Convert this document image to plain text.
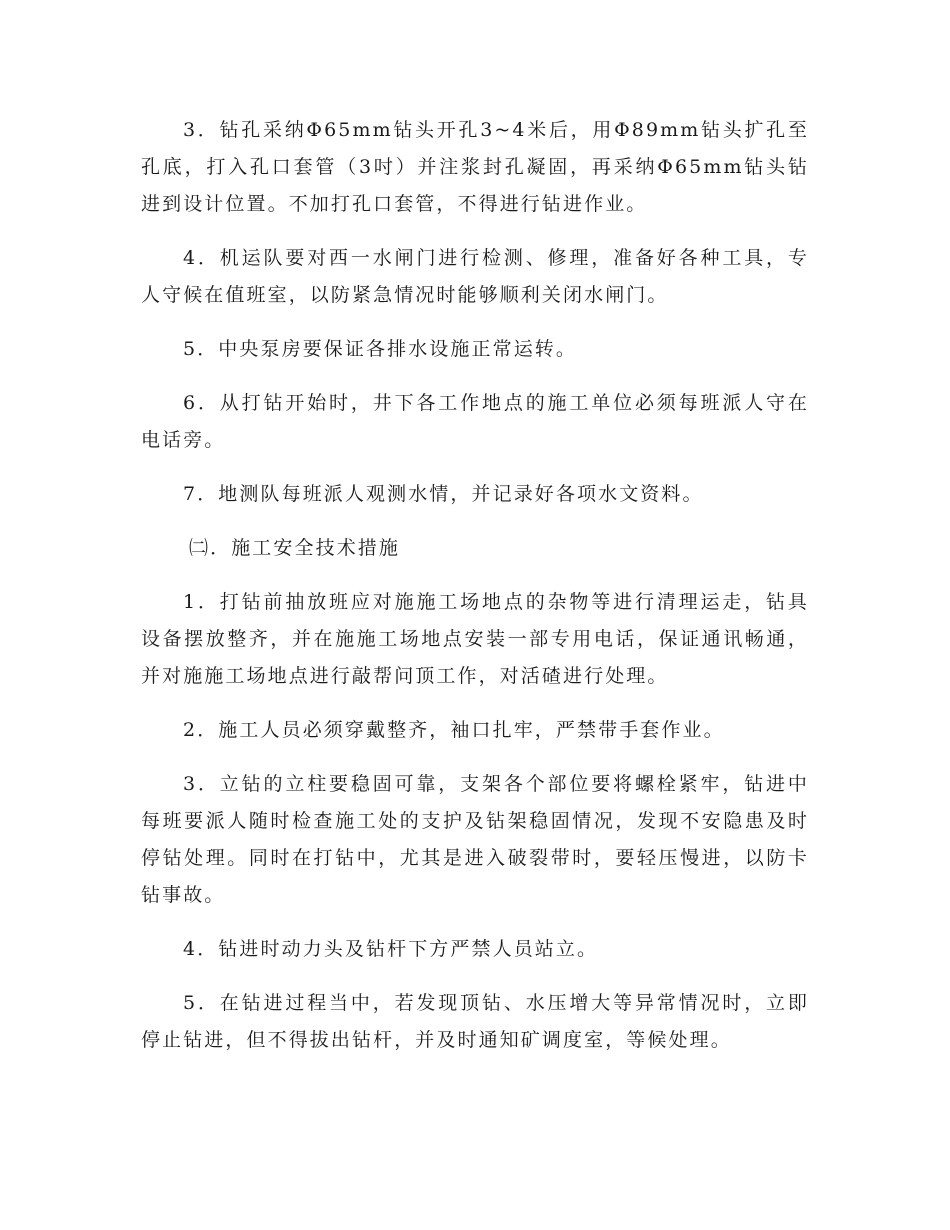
3．钻孔采纳Φ65mm钻头开孔3~4米后，用Φ89mm钻头扩孔至孔底，打入孔口套管（3吋）并注浆封孔凝固，再采纳Φ65mm钻头钻进到设计位置。不加打孔口套管，不得进行钻进作业。

4．机运队要对西一水闸门进行检测、修理，准备好各种工具，专人守候在值班室，以防紧急情况时能够顺利关闭水闸门。

5．中央泵房要保证各排水设施正常运转。

6．从打钻开始时，井下各工作地点的施工单位必须每班派人守在电话旁。

7．地测队每班派人观测水情，并记录好各项水文资料。

㈡．施工安全技术措施

1．打钻前抽放班应对施施工场地点的杂物等进行清理运走，钻具设备摆放整齐，并在施施工场地点安装一部专用电话，保证通讯畅通，并对施施工场地点进行敲帮问顶工作，对活碴进行处理。

2．施工人员必须穿戴整齐，袖口扎牢，严禁带手套作业。

3．立钻的立柱要稳固可靠，支架各个部位要将螺栓紧牢，钻进中每班要派人随时检查施工处的支护及钻架稳固情况，发现不安隐患及时停钻处理。同时在打钻中，尤其是进入破裂带时，要轻压慢进，以防卡钻事故。

4．钻进时动力头及钻杆下方严禁人员站立。

5．在钻进过程当中，若发现顶钻、水压增大等异常情况时，立即停止钻进，但不得拔出钻杆，并及时通知矿调度室，等候处理。
